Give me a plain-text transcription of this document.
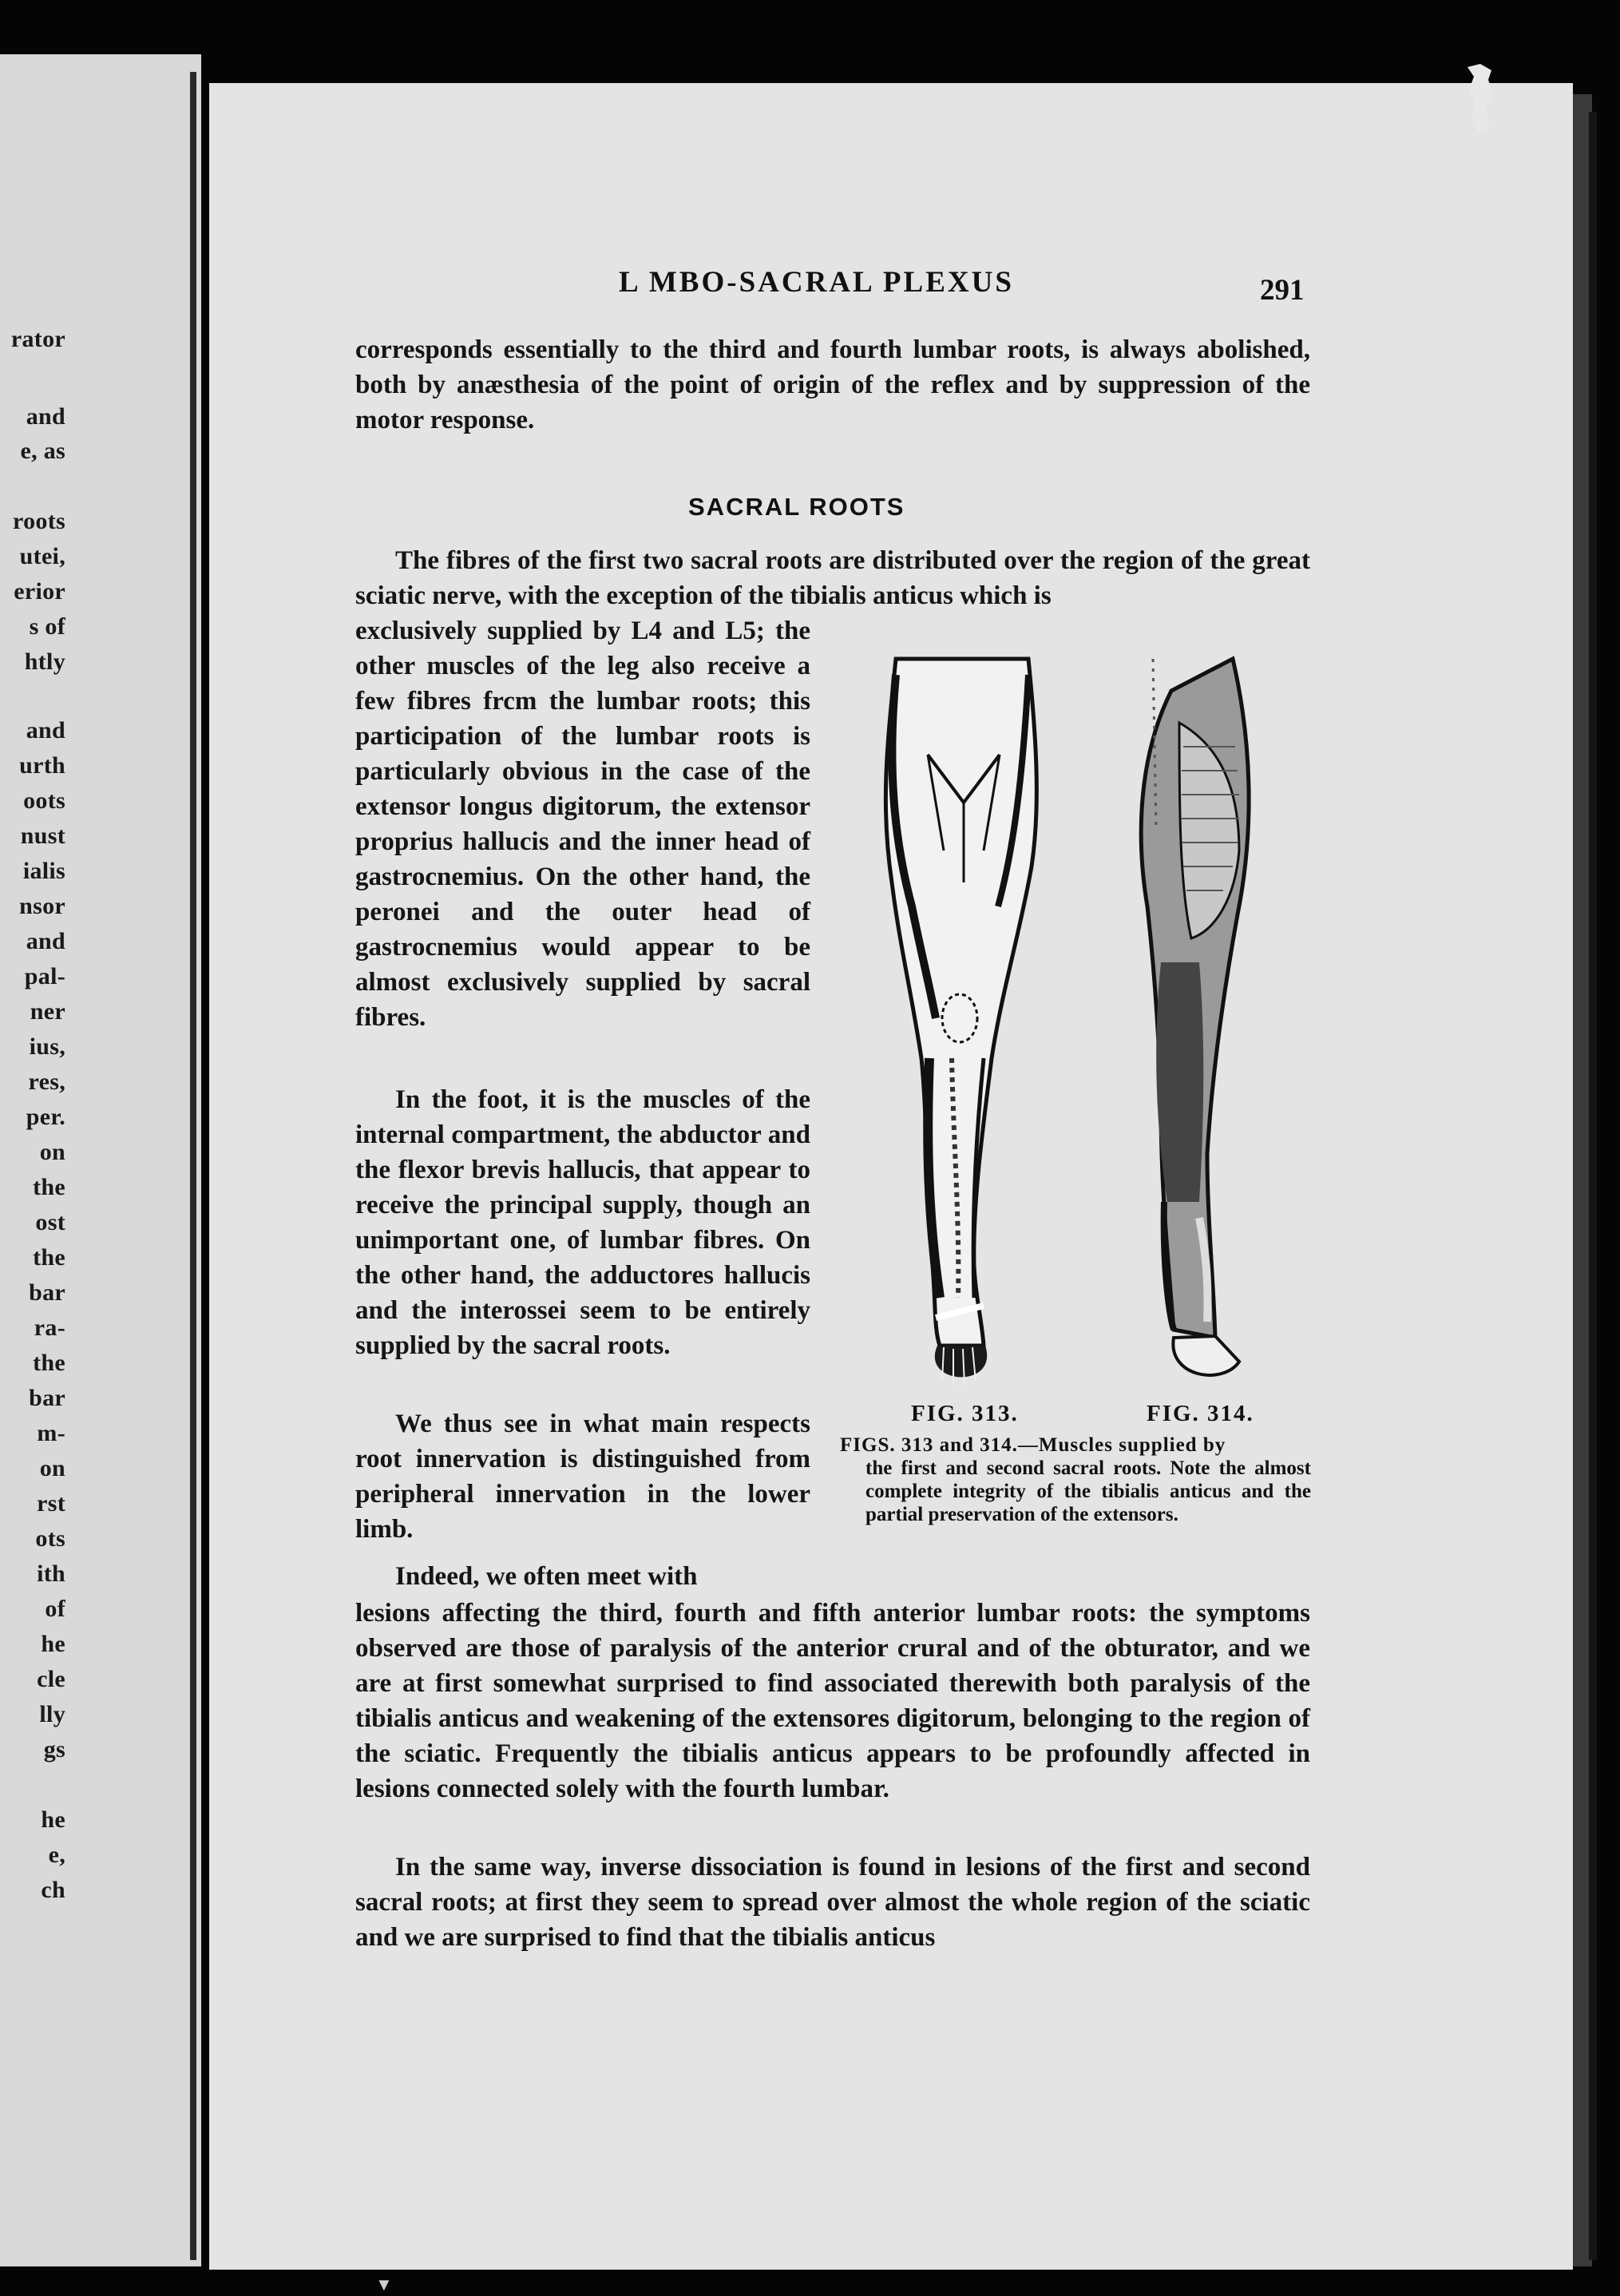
rator
and
e, as
roots
utei,
erior
s of
htly
and
urth
oots
nust
ialis
nsor
and
pal-
ner
ius,
res,
per.
on
the
ost
the
bar
ra-
the
bar
m-
on
rst
ots
ith
of
he
cle
lly
gs
he
e,
ch
L MBO-SACRAL PLEXUS	291
corresponds essentially to the third and fourth lumbar roots, is always abolished, both by anæsthesia of the point of origin of the reflex and by suppression of the motor response.
SACRAL ROOTS
The fibres of the first two sacral roots are distributed over the region of the great sciatic nerve, with the exception of the tibialis anticus which is
exclusively supplied by L4 and L5; the other muscles of the leg also receive a few fibres frcm the lumbar roots; this participation of the lumbar roots is particularly obvious in the case of the extensor longus digitorum, the extensor proprius hallucis and the inner head of gastrocnemius. On the other hand, the peronei and the outer head of gastrocnemius would appear to be almost exclusively supplied by sacral fibres.
In the foot, it is the muscles of the internal compartment, the abductor and the flexor brevis hallucis, that appear to receive the principal supply, though an unimportant one, of lumbar fibres. On the other hand, the adductores hallucis and the interossei seem to be entirely supplied by the sacral roots.
We thus see in what main respects root innervation is distinguished from peripheral innervation in the lower limb.
Indeed, we often meet with
lesions affecting the third, fourth and fifth anterior lumbar roots: the symptoms observed are those of paralysis of the anterior crural and of the obturator, and we are at first somewhat surprised to find associated therewith both paralysis of the tibialis anticus and weakening of the extensores digitorum, belonging to the region of the sciatic. Frequently the tibialis anticus appears to be profoundly affected in lesions connected solely with the fourth lumbar.
In the same way, inverse dissociation is found in lesions of the first and second sacral roots; at first they seem to spread over almost the whole region of the sciatic and we are surprised to find that the tibialis anticus
FIG. 313.	FIG. 314.
FIGS. 313 and 314.—Muscles supplied by
the first and second sacral roots. Note the almost complete integrity of the tibialis anticus and the partial preservation of the extensors.
▼
